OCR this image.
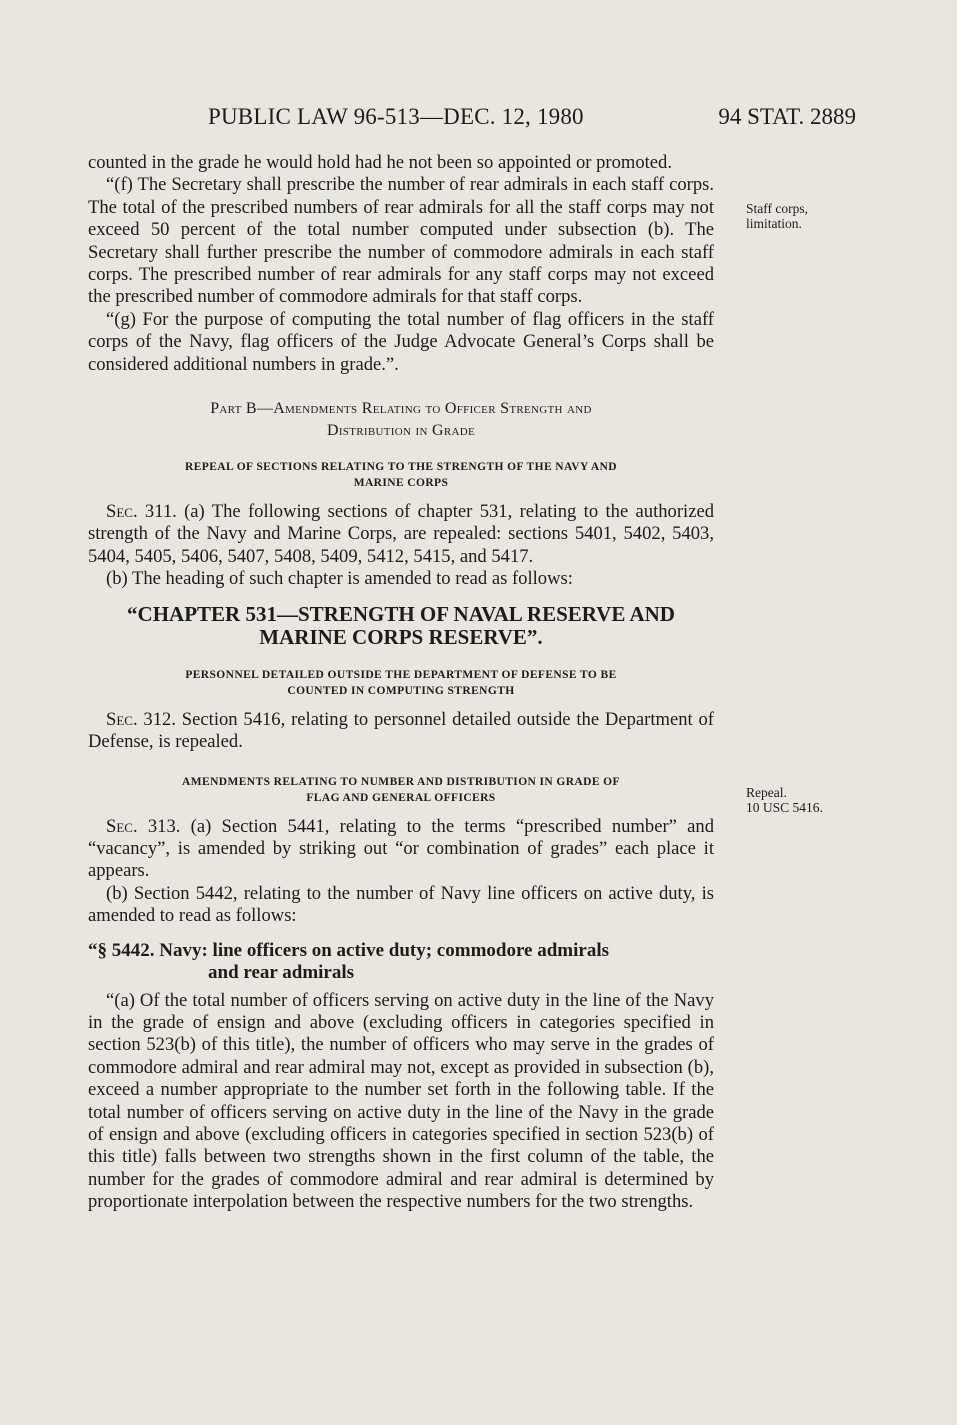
PUBLIC LAW 96-513—DEC. 12, 1980	94 STAT. 2889

counted in the grade he would hold had he not been so appointed or promoted.

“(f) The Secretary shall prescribe the number of rear admirals in each staff corps. The total of the prescribed numbers of rear admirals for all the staff corps may not exceed 50 percent of the total number computed under subsection (b). The Secretary shall further prescribe the number of commodore admirals in each staff corps. The prescribed number of rear admirals for any staff corps may not exceed the prescribed number of commodore admirals for that staff corps.

“(g) For the purpose of computing the total number of flag officers in the staff corps of the Navy, flag officers of the Judge Advocate General’s Corps shall be considered additional numbers in grade.”.

Part B—Amendments Relating to Officer Strength and
Distribution in Grade
REPEAL OF SECTIONS RELATING TO THE STRENGTH OF THE NAVY AND
MARINE CORPS

Sec. 311. (a) The following sections of chapter 531, relating to the authorized strength of the Navy and Marine Corps, are repealed: sections 5401, 5402, 5403, 5404, 5405, 5406, 5407, 5408, 5409, 5412, 5415, and 5417.

(b) The heading of such chapter is amended to read as follows:

“CHAPTER 531—STRENGTH OF NAVAL RESERVE AND
MARINE CORPS RESERVE”.
PERSONNEL DETAILED OUTSIDE THE DEPARTMENT OF DEFENSE TO BE
COUNTED IN COMPUTING STRENGTH

Sec. 312. Section 5416, relating to personnel detailed outside the Department of Defense, is repealed.

AMENDMENTS RELATING TO NUMBER AND DISTRIBUTION IN GRADE OF
FLAG AND GENERAL OFFICERS

Sec. 313. (a) Section 5441, relating to the terms “prescribed number” and “vacancy”, is amended by striking out “or combination of grades” each place it appears.

(b) Section 5442, relating to the number of Navy line officers on active duty, is amended to read as follows:

“§ 5442. Navy: line officers on active duty; commodore admirals
and rear admirals

“(a) Of the total number of officers serving on active duty in the line of the Navy in the grade of ensign and above (excluding officers in categories specified in section 523(b) of this title), the number of officers who may serve in the grades of commodore admiral and rear admiral may not, except as provided in subsection (b), exceed a number appropriate to the number set forth in the following table. If the total number of officers serving on active duty in the line of the Navy in the grade of ensign and above (excluding officers in categories specified in section 523(b) of this title) falls between two strengths shown in the first column of the table, the number for the grades of commodore admiral and rear admiral is determined by proportionate interpolation between the respective numbers for the two strengths.

Staff corps,
limitation.
Repeal.
10 USC 5416.
